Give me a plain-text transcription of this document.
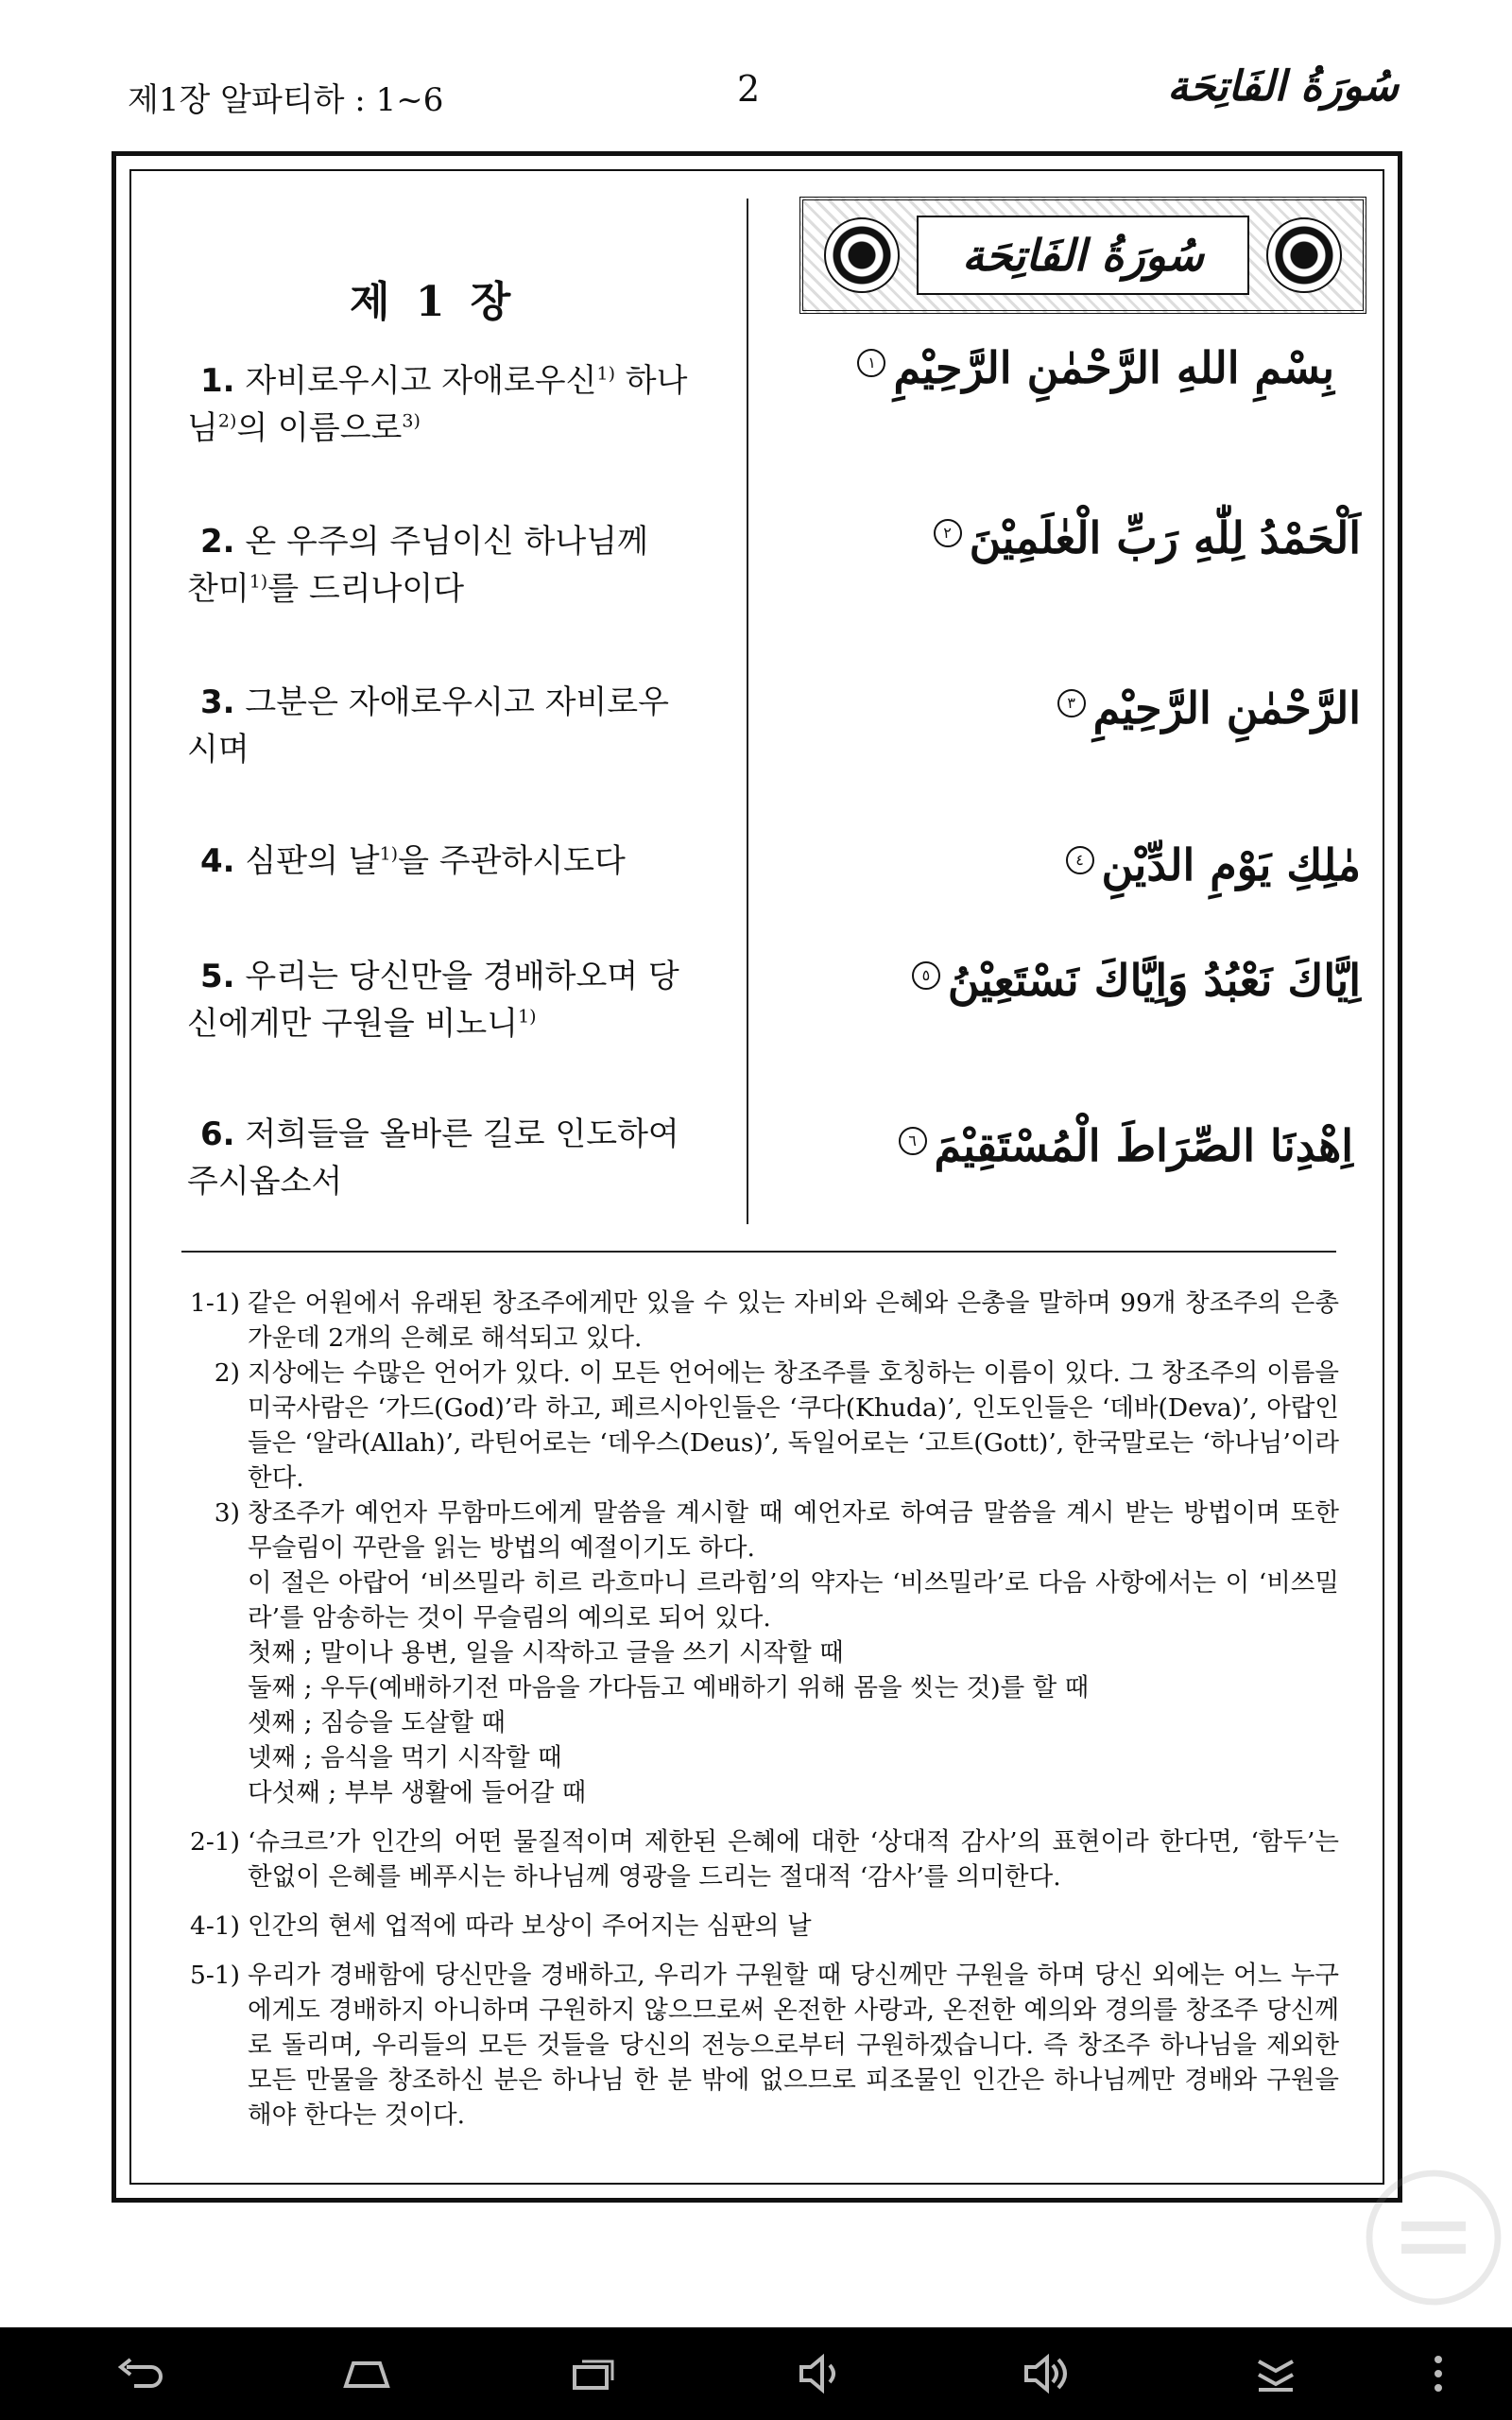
제1장 알파티하 : 1~6	2	سُورَةُ الفَاتِحَة
سُورَةُ الفَاتِحَة
제 1 장
1. 자비로우시고 자애로우신$^{1)}$ 하나님$^{2)}$의 이름으로$^{3)}$
2. 온 우주의 주님이신 하나님께 찬미$^{1)}$를 드리나이다
3. 그분은 자애로우시고 자비로우시며
4. 심판의 날$^{1)}$을 주관하시도다
5. 우리는 당신만을 경배하오며 당신에게만 구원을 비노니$^{1)}$
6. 저희들을 올바른 길로 인도하여 주시옵소서
بِسْمِ اللهِ الرَّحْمٰنِ الرَّحِيْمِ١
اَلْحَمْدُ لِلّٰهِ رَبِّ الْعٰلَمِيْنَ٢
الرَّحْمٰنِ الرَّحِيْمِ٣
مٰلِكِ يَوْمِ الدِّيْنِ٤
اِيَّاكَ نَعْبُدُ وَاِيَّاكَ نَسْتَعِيْنُ٥
اِهْدِنَا الصِّرَاطَ الْمُسْتَقِيْمَ٦
1-1) 같은 어원에서 유래된 창조주에게만 있을 수 있는 자비와 은혜와 은총을 말하며 99개 창조주의 은총 가운데 2개의 은혜로 해석되고 있다.
2) 지상에는 수많은 언어가 있다. 이 모든 언어에는 창조주를 호칭하는 이름이 있다. 그 창조주의 이름을 미국사람은 ‘가드(God)’라 하고, 페르시아인들은 ‘쿠다(Khuda)’, 인도인들은 ‘데바(Deva)’, 아랍인들은 ‘알라(Allah)’, 라틴어로는 ‘데우스(Deus)’, 독일어로는 ‘고트(Gott)’, 한국말로는 ‘하나님’이라 한다.
3) 창조주가 예언자 무함마드에게 말씀을 계시할 때 예언자로 하여금 말씀을 계시 받는 방법이며 또한 무슬림이 꾸란을 읽는 방법의 예절이기도 하다.
이 절은 아랍어 ‘비쓰밀라 히르 라흐마니 르라힘’의 약자는 ‘비쓰밀라’로 다음 사항에서는 이 ‘비쓰밀라’를 암송하는 것이 무슬림의 예의로 되어 있다.
첫째 ; 말이나 용변, 일을 시작하고 글을 쓰기 시작할 때
둘째 ; 우두(예배하기전 마음을 가다듬고 예배하기 위해 몸을 씻는 것)를 할 때
셋째 ; 짐승을 도살할 때
넷째 ; 음식을 먹기 시작할 때
다섯째 ; 부부 생활에 들어갈 때
2-1) ‘슈크르’가 인간의 어떤 물질적이며 제한된 은혜에 대한 ‘상대적 감사’의 표현이라 한다면, ‘함두’는 한없이 은혜를 베푸시는 하나님께 영광을 드리는 절대적 ‘감사’를 의미한다.
4-1) 인간의 현세 업적에 따라 보상이 주어지는 심판의 날
5-1) 우리가 경배함에 당신만을 경배하고, 우리가 구원할 때 당신께만 구원을 하며 당신 외에는 어느 누구에게도 경배하지 아니하며 구원하지 않으므로써 온전한 사랑과, 온전한 예의와 경의를 창조주 당신께로 돌리며, 우리들의 모든 것들을 당신의 전능으로부터 구원하겠습니다. 즉 창조주 하나님을 제외한 모든 만물을 창조하신 분은 하나님 한 분 밖에 없으므로 피조물인 인간은 하나님께만 경배와 구원을 해야 한다는 것이다.
